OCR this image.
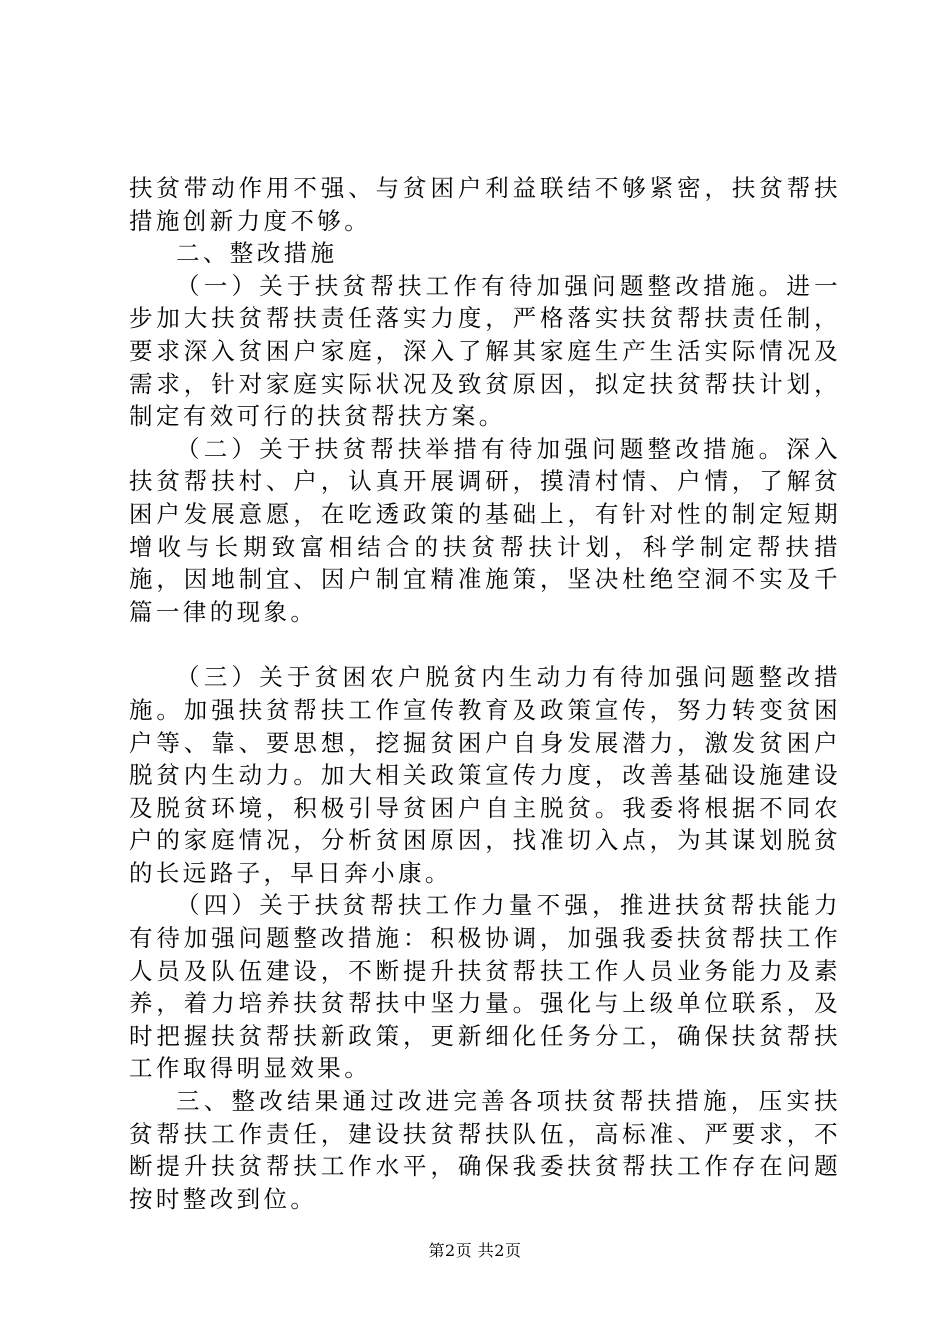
扶贫带动作用不强、与贫困户利益联结不够紧密，扶贫帮扶措施创新力度不够。

二、整改措施

（一）关于扶贫帮扶工作有待加强问题整改措施。进一步加大扶贫帮扶责任落实力度，严格落实扶贫帮扶责任制，要求深入贫困户家庭，深入了解其家庭生产生活实际情况及需求，针对家庭实际状况及致贫原因，拟定扶贫帮扶计划，制定有效可行的扶贫帮扶方案。

（二）关于扶贫帮扶举措有待加强问题整改措施。深入扶贫帮扶村、户，认真开展调研，摸清村情、户情，了解贫困户发展意愿，在吃透政策的基础上，有针对性的制定短期增收与长期致富相结合的扶贫帮扶计划，科学制定帮扶措施，因地制宜、因户制宜精准施策，坚决杜绝空洞不实及千篇一律的现象。

（三）关于贫困农户脱贫内生动力有待加强问题整改措施。加强扶贫帮扶工作宣传教育及政策宣传，努力转变贫困户等、靠、要思想，挖掘贫困户自身发展潜力，激发贫困户脱贫内生动力。加大相关政策宣传力度，改善基础设施建设及脱贫环境，积极引导贫困户自主脱贫。我委将根据不同农户的家庭情况，分析贫困原因，找准切入点，为其谋划脱贫的长远路子，早日奔小康。

（四）关于扶贫帮扶工作力量不强，推进扶贫帮扶能力有待加强问题整改措施：积极协调，加强我委扶贫帮扶工作人员及队伍建设，不断提升扶贫帮扶工作人员业务能力及素养，着力培养扶贫帮扶中坚力量。强化与上级单位联系，及时把握扶贫帮扶新政策，更新细化任务分工，确保扶贫帮扶工作取得明显效果。

三、整改结果通过改进完善各项扶贫帮扶措施，压实扶贫帮扶工作责任，建设扶贫帮扶队伍，高标准、严要求，不断提升扶贫帮扶工作水平，确保我委扶贫帮扶工作存在问题按时整改到位。

第2页 共2页
